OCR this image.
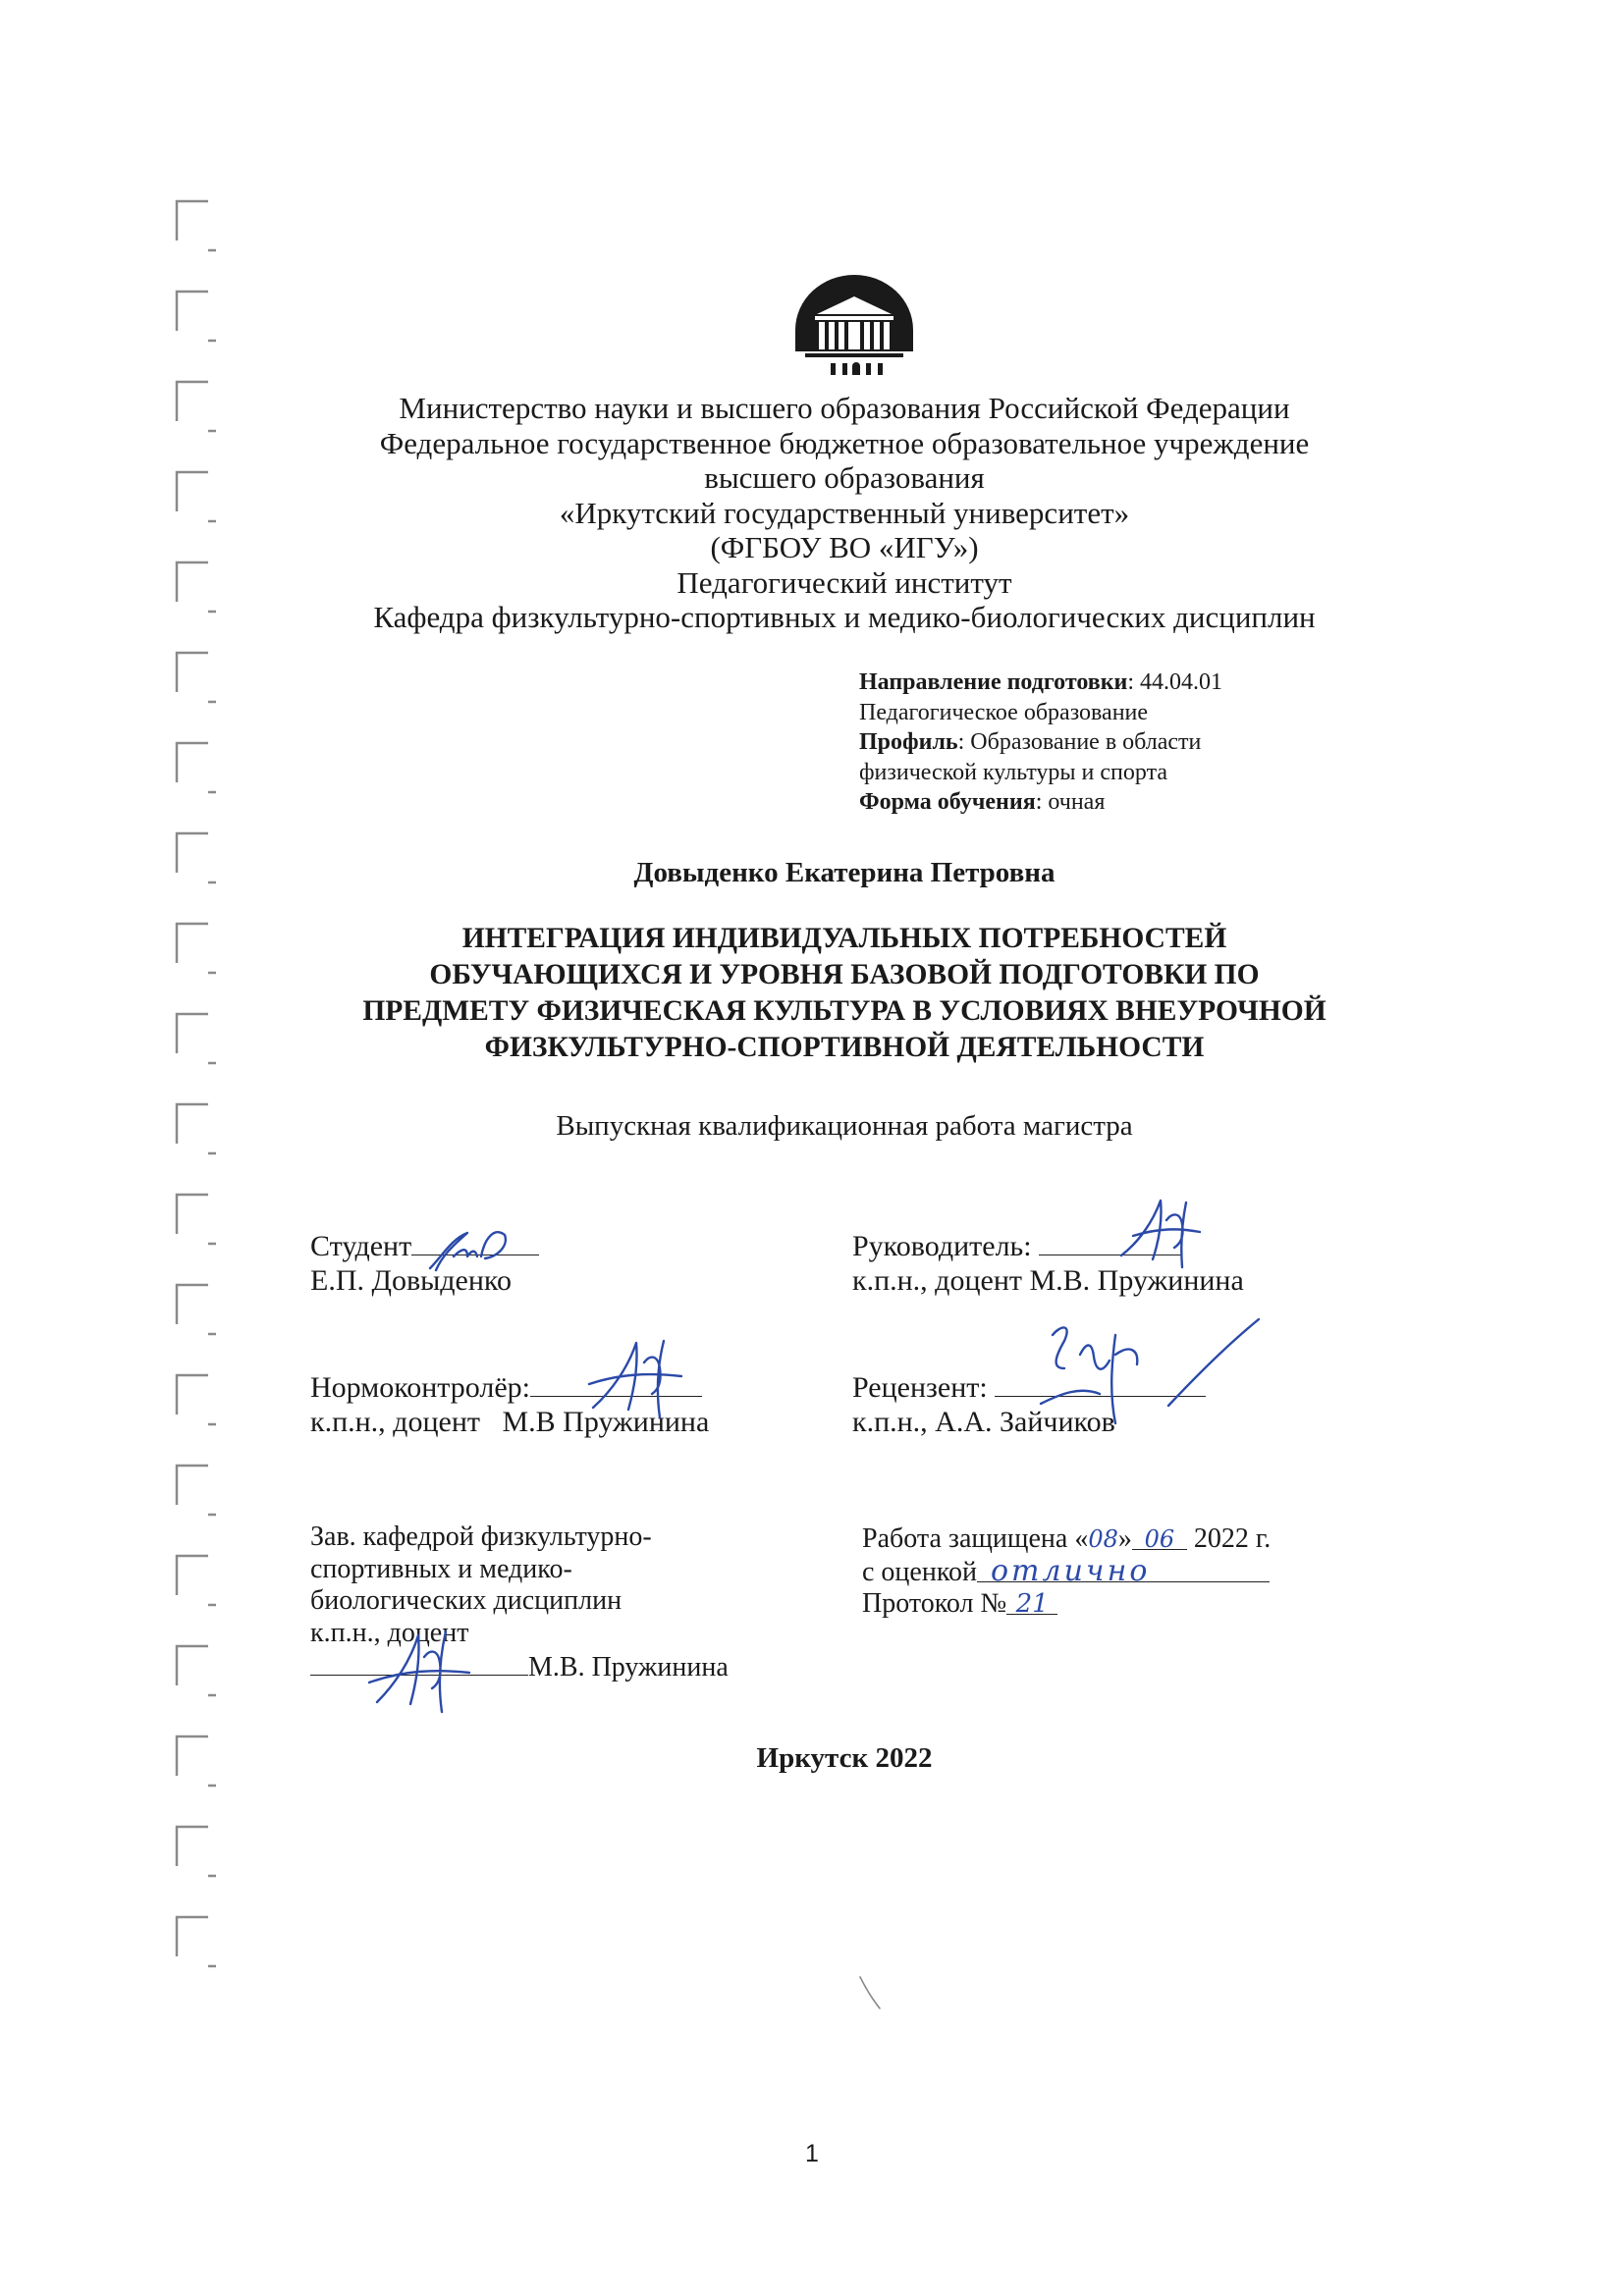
Министерство науки и высшего образования Российской Федерации
Федеральное государственное бюджетное образовательное учреждение
высшего образования
«Иркутский государственный университет»
(ФГБОУ ВО «ИГУ»)
Педагогический институт
Кафедра физкультурно-спортивных и медико-биологических дисциплин
Направление подготовки: 44.04.01
Педагогическое образование
Профиль: Образование в области
физической культуры и спорта
Форма обучения: очная
Довыденко Екатерина Петровна
ИНТЕГРАЦИЯ ИНДИВИДУАЛЬНЫХ ПОТРЕБНОСТЕЙ
ОБУЧАЮЩИХСЯ И УРОВНЯ БАЗОВОЙ ПОДГОТОВКИ ПО
ПРЕДМЕТУ ФИЗИЧЕСКАЯ КУЛЬТУРА В УСЛОВИЯХ ВНЕУРОЧНОЙ
ФИЗКУЛЬТУРНО-СПОРТИВНОЙ ДЕЯТЕЛЬНОСТИ
Выпускная квалификационная работа магистра
Студент
Е.П. Довыденко
Руководитель:
к.п.н., доцент М.В. Пружинина
Нормоконтролёр:
к.п.н., доцент   М.В Пружинина
Рецензент:
к.п.н., А.А. Зайчиков
Зав. кафедрой физкультурно-
спортивных и медико-
биологических дисциплин
к.п.н., доцент
М.В. Пружинина
Работа защищена «08» 06 2022 г.
с оценкой отлично
Протокол № 21
Иркутск 2022
1
